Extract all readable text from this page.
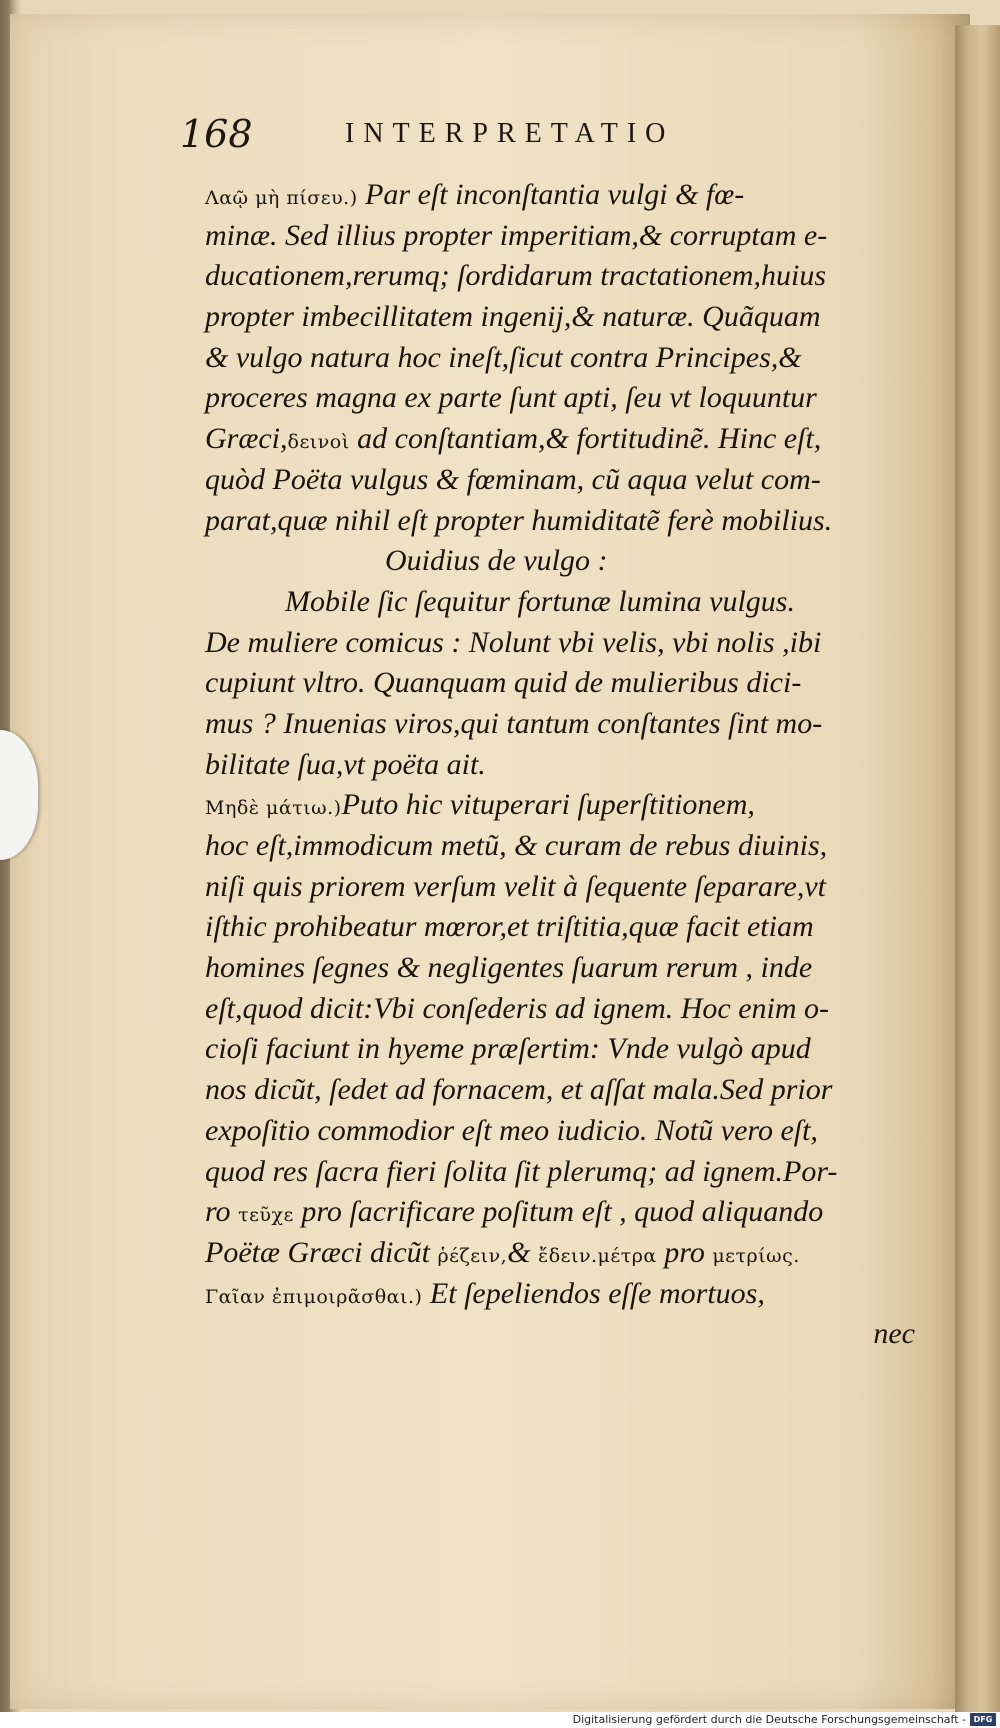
168	INTERPRETATIO
Λαῷ μὴ πίσευ.) Par eſt inconſtantia vulgi & fœ-
minæ. Sed illius propter imperitiam,& corruptam e-
ducationem,rerumq; ſordidarum tractationem,huius
propter imbecillitatem ingenij,& naturæ. Quãquam
& vulgo natura hoc ineſt,ſicut contra Principes,&
proceres magna ex parte ſunt apti, ſeu vt loquuntur
Græci,δεινοὶ ad conſtantiam,& fortitudinẽ. Hinc eſt,
quòd Poëta vulgus & fœminam, cũ aqua velut com-
parat,quæ nihil eſt propter humiditatẽ ferè mobilius.
Ouidius de vulgo :
Mobile ſic ſequitur fortunæ lumina vulgus.
De muliere comicus : Nolunt vbi velis, vbi nolis ,ibi
cupiunt vltro. Quanquam quid de mulieribus dici-
mus ? Inuenias viros,qui tantum conſtantes ſint mo-
bilitate ſua,vt poëta ait.
Μηδὲ μάτιω.)Puto hic vituperari ſuperſtitionem,
hoc eſt,immodicum metũ, & curam de rebus diuinis,
niſi quis priorem verſum velit à ſequente ſeparare,vt
iſthic prohibeatur mœror,et triſtitia,quæ facit etiam
homines ſegnes & negligentes ſuarum rerum , inde
eſt,quod dicit:Vbi conſederis ad ignem. Hoc enim o-
cioſi faciunt in hyeme præſertim: Vnde vulgò apud
nos dicũt, ſedet ad fornacem, et aſſat mala.Sed prior
expoſitio commodior eſt meo iudicio. Notũ vero eſt,
quod res ſacra fieri ſolita ſit plerumq; ad ignem.Por-
ro τεῦχε pro ſacrificare poſitum eſt , quod aliquando
Poëtæ Græci dicũt ῥέζειν,& ἔδειν.μέτρα pro μετρίως.
Γαῖαν ἐπιμοιρᾶσθαι.) Et ſepeliendos eſſe mortuos,
nec
Digitalisierung gefördert durch die Deutsche Forschungsgemeinschaft - DFG
